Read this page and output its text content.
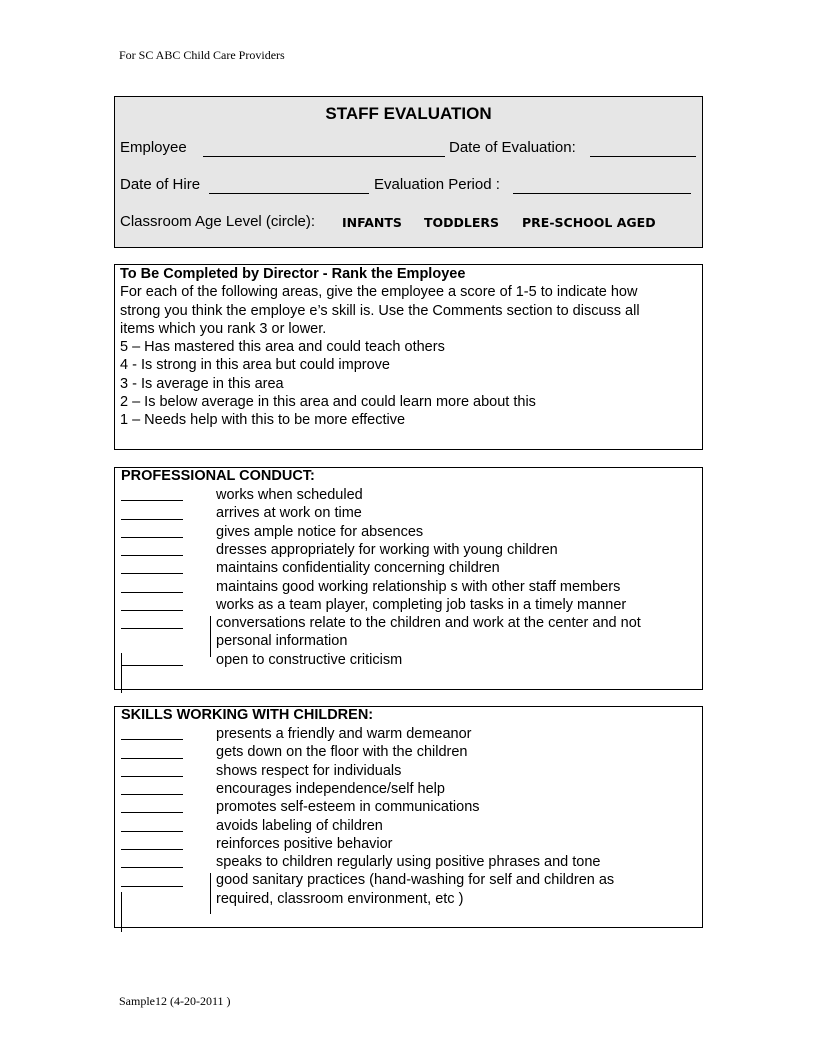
For SC ABC Child Care Providers
STAFF EVALUATION
Employee	Date of Evaluation:
Date of Hire	Evaluation Period :
Classroom Age Level (circle): INFANTS TODDLERS PRE-SCHOOL AGED
To Be Completed by Director - Rank the Employee
For each of the following areas, give the employee a score of 1-5 to indicate how
strong you think the employe e’s skill is. Use the Comments section to discuss all
items which you rank 3 or lower.
5 – Has mastered this area and could teach others
4 - Is strong in this area but could improve
3 - Is average in this area
2 – Is below average in this area and could learn more about this
1 – Needs help with this to be more effective
PROFESSIONAL CONDUCT:
works when scheduled
arrives at work on time
gives ample notice for absences
dresses appropriately for working with young children
maintains confidentiality concerning children
maintains good working relationship s with other staff members
works as a team player, completing job tasks in a timely manner
conversations relate to the children and work at the center and not
personal information
open to constructive criticism
SKILLS WORKING WITH CHILDREN:
presents a friendly and warm demeanor
gets down on the floor with the children
shows respect for individuals
encourages independence/self help
promotes self-esteem in communications
avoids labeling of children
reinforces positive behavior
speaks to children regularly using positive phrases and tone
good sanitary practices (hand-washing for self and children as
required, classroom environment, etc )
Sample12 (4-20-2011 )
